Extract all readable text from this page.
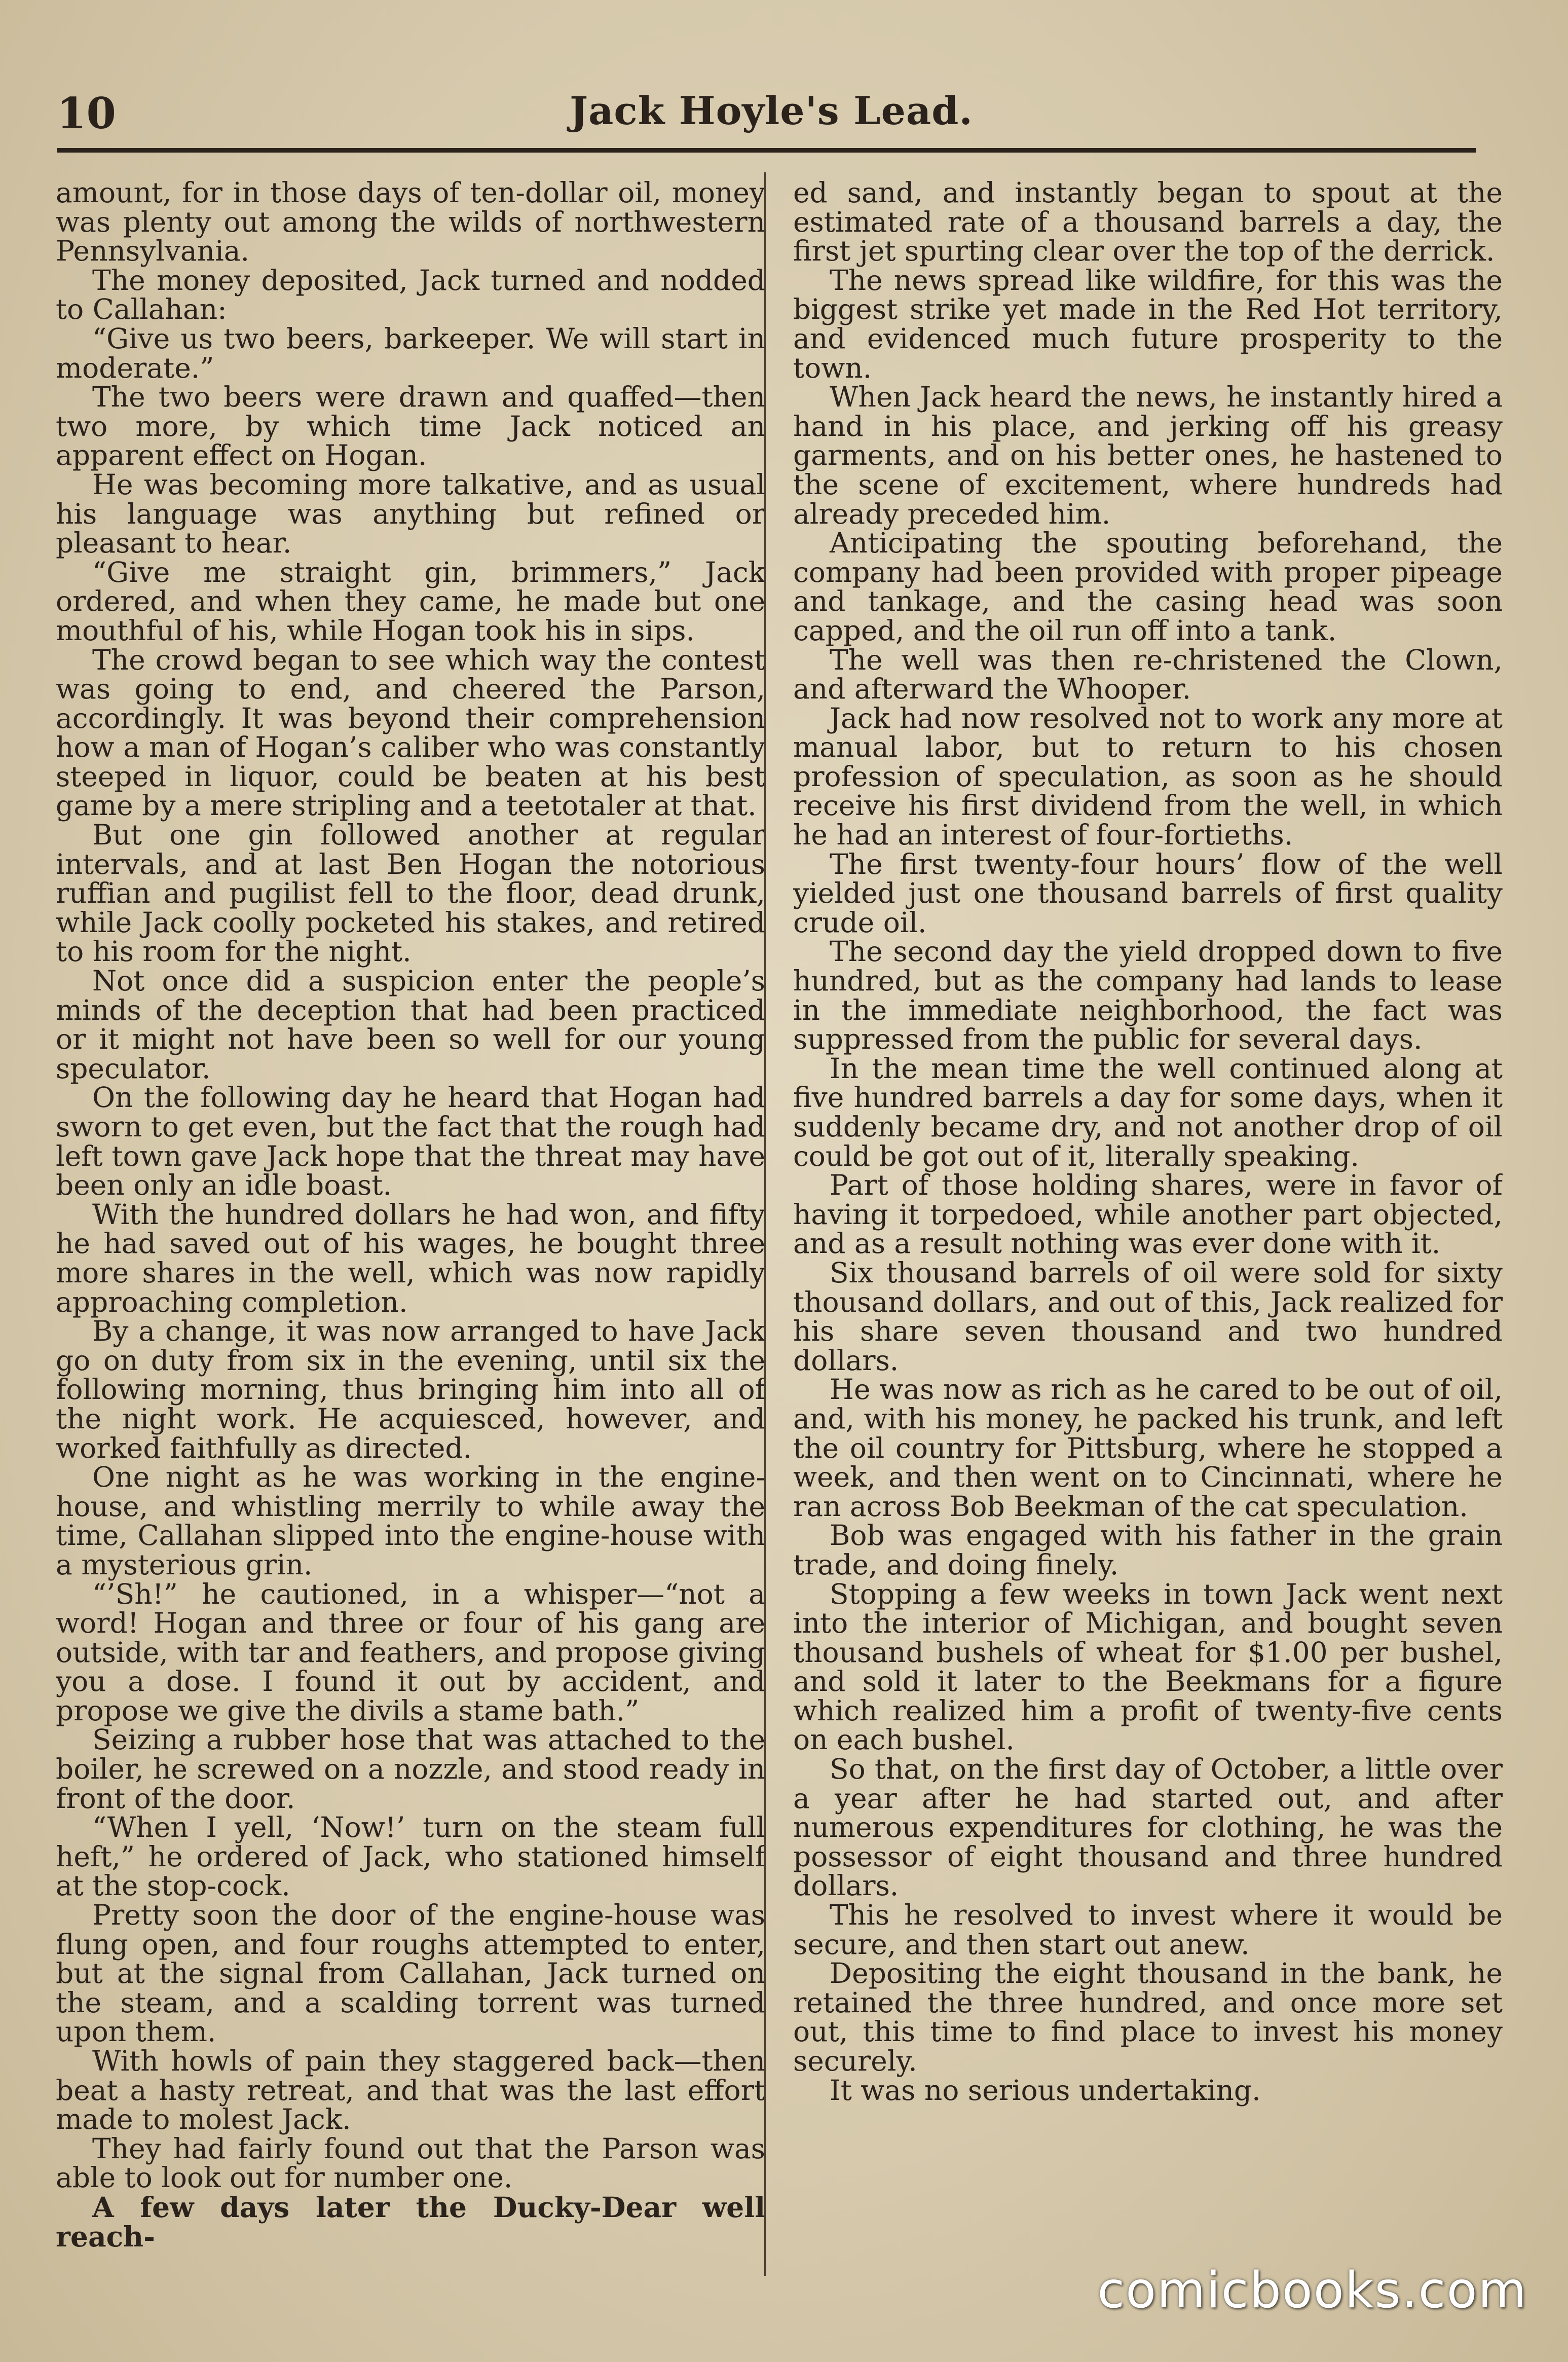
10	Jack Hoyle's Lead.

amount, for in those days of ten-dollar oil, money was plenty out among the wilds of northwestern Pennsylvania.

The money deposited, Jack turned and nodded to Callahan:

“Give us two beers, barkeeper. We will start in moderate.”

The two beers were drawn and quaffed—then two more, by which time Jack noticed an apparent effect on Hogan.

He was becoming more talkative, and as usual his language was anything but refined or pleasant to hear.

“Give me straight gin, brimmers,” Jack ordered, and when they came, he made but one mouthful of his, while Hogan took his in sips.

The crowd began to see which way the contest was going to end, and cheered the Parson, accordingly. It was beyond their comprehension how a man of Hogan’s caliber who was constantly steeped in liquor, could be beaten at his best game by a mere stripling and a teetotaler at that.

But one gin followed another at regular intervals, and at last Ben Hogan the notorious ruffian and pugilist fell to the floor, dead drunk, while Jack coolly pocketed his stakes, and retired to his room for the night.

Not once did a suspicion enter the people’s minds of the deception that had been practiced or it might not have been so well for our young speculator.

On the following day he heard that Hogan had sworn to get even, but the fact that the rough had left town gave Jack hope that the threat may have been only an idle boast.

With the hundred dollars he had won, and fifty he had saved out of his wages, he bought three more shares in the well, which was now rapidly approaching completion.

By a change, it was now arranged to have Jack go on duty from six in the evening, until six the following morning, thus bringing him into all of the night work. He acquiesced, however, and worked faithfully as directed.

One night as he was working in the engine-house, and whistling merrily to while away the time, Callahan slipped into the engine-house with a mysterious grin.

“’Sh!” he cautioned, in a whisper—“not a word! Hogan and three or four of his gang are outside, with tar and feathers, and propose giving you a dose. I found it out by accident, and propose we give the divils a stame bath.”

Seizing a rubber hose that was attached to the boiler, he screwed on a nozzle, and stood ready in front of the door.

“When I yell, ‘Now!’ turn on the steam full heft,” he ordered of Jack, who stationed himself at the stop-cock.

Pretty soon the door of the engine-house was flung open, and four roughs attempted to enter, but at the signal from Callahan, Jack turned on the steam, and a scalding torrent was turned upon them.

With howls of pain they staggered back—then beat a hasty retreat, and that was the last effort made to molest Jack.

They had fairly found out that the Parson was able to look out for number one.

A few days later the Ducky-Dear well reach-

ed sand, and instantly began to spout at the estimated rate of a thousand barrels a day, the first jet spurting clear over the top of the derrick.

The news spread like wildfire, for this was the biggest strike yet made in the Red Hot territory, and evidenced much future prosperity to the town.

When Jack heard the news, he instantly hired a hand in his place, and jerking off his greasy garments, and on his better ones, he hastened to the scene of excitement, where hundreds had already preceded him.

Anticipating the spouting beforehand, the company had been provided with proper pipeage and tankage, and the casing head was soon capped, and the oil run off into a tank.

The well was then re-christened the Clown, and afterward the Whooper.

Jack had now resolved not to work any more at manual labor, but to return to his chosen profession of speculation, as soon as he should receive his first dividend from the well, in which he had an interest of four-fortieths.

The first twenty-four hours’ flow of the well yielded just one thousand barrels of first quality crude oil.

The second day the yield dropped down to five hundred, but as the company had lands to lease in the immediate neighborhood, the fact was suppressed from the public for several days.

In the mean time the well continued along at five hundred barrels a day for some days, when it suddenly became dry, and not another drop of oil could be got out of it, literally speaking.

Part of those holding shares, were in favor of having it torpedoed, while another part objected, and as a result nothing was ever done with it.

Six thousand barrels of oil were sold for sixty thousand dollars, and out of this, Jack realized for his share seven thousand and two hundred dollars.

He was now as rich as he cared to be out of oil, and, with his money, he packed his trunk, and left the oil country for Pittsburg, where he stopped a week, and then went on to Cincinnati, where he ran across Bob Beekman of the cat speculation.

Bob was engaged with his father in the grain trade, and doing finely.

Stopping a few weeks in town Jack went next into the interior of Michigan, and bought seven thousand bushels of wheat for $1.00 per bushel, and sold it later to the Beekmans for a figure which realized him a profit of twenty-five cents on each bushel.

So that, on the first day of October, a little over a year after he had started out, and after numerous expenditures for clothing, he was the possessor of eight thousand and three hundred dollars.

This he resolved to invest where it would be secure, and then start out anew.

Depositing the eight thousand in the bank, he retained the three hundred, and once more set out, this time to find place to invest his money securely.

It was no serious undertaking.

comicbooks.com
